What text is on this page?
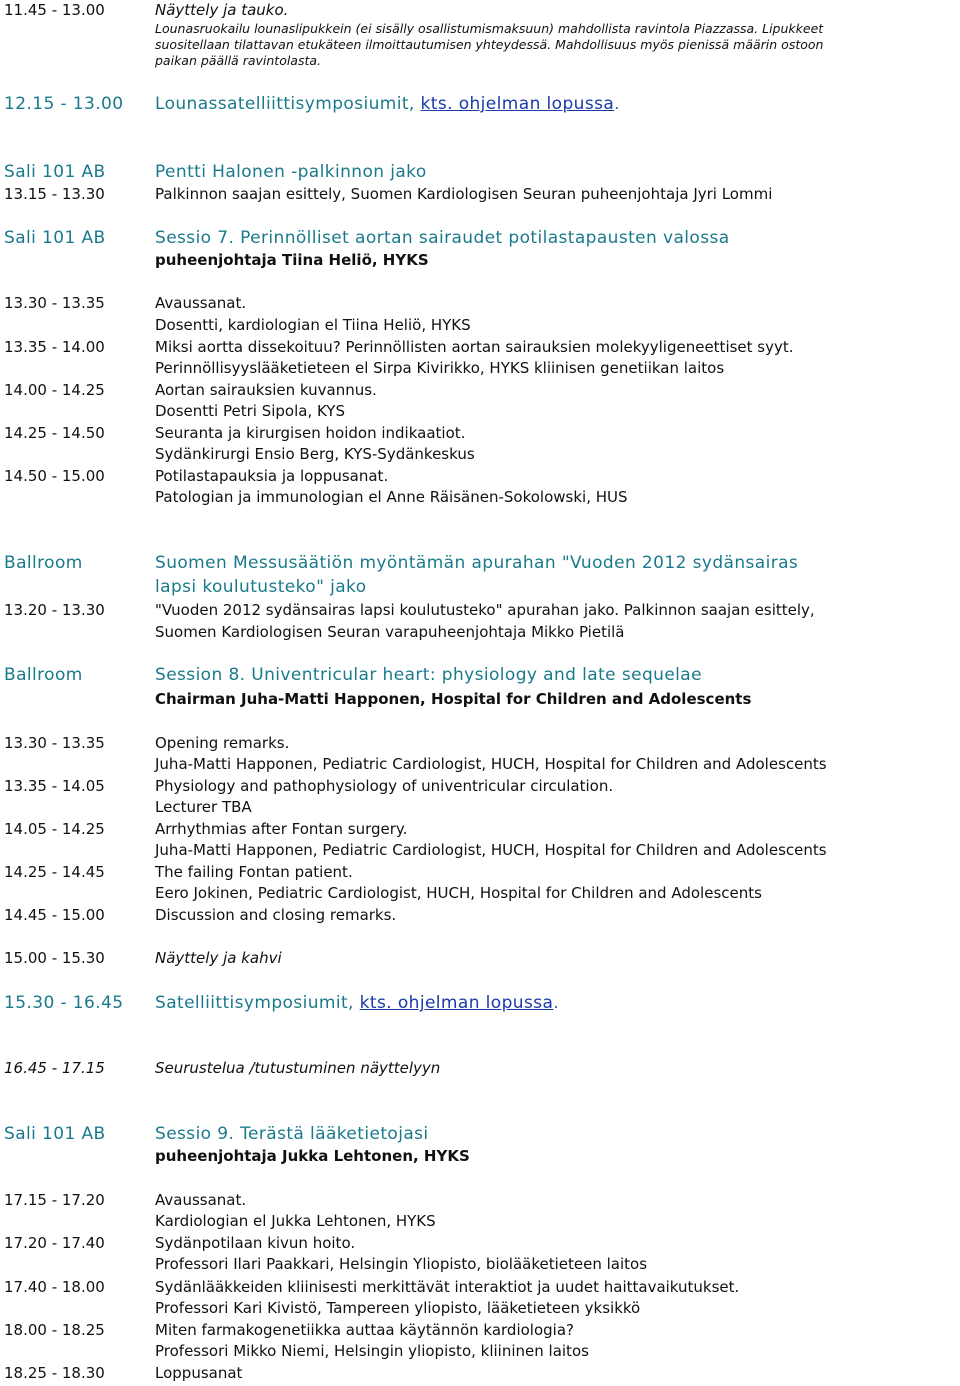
11.45 - 13.00	Näyttely ja tauko.
Lounasruokailu lounaslipukkein (ei sisälly osallistumismaksuun) mahdollista ravintola Piazzassa. Lipukkeet
suositellaan tilattavan etukäteen ilmoittautumisen yhteydessä. Mahdollisuus myös pienissä määrin ostoon
paikan päällä ravintolasta.
12.15 - 13.00 Lounassatelliittisymposiumit, kts. ohjelman lopussa.
Sali 101 AB	Pentti Halonen -palkinnon jako
13.15 - 13.30	Palkinnon saajan esittely, Suomen Kardiologisen Seuran puheenjohtaja Jyri Lommi
Sali 101 AB	Sessio 7. Perinnölliset aortan sairaudet potilastapausten valossa
puheenjohtaja Tiina Heliö, HYKS
13.30 - 13.35	Avaussanat.
Dosentti, kardiologian el Tiina Heliö, HYKS
13.35 - 14.00	Miksi aortta dissekoituu? Perinnöllisten aortan sairauksien molekyyligeneettiset syyt.
Perinnöllisyyslääketieteen el Sirpa Kivirikko, HYKS kliinisen genetiikan laitos
14.00 - 14.25	Aortan sairauksien kuvannus.
Dosentti Petri Sipola, KYS
14.25 - 14.50	Seuranta ja kirurgisen hoidon indikaatiot.
Sydänkirurgi Ensio Berg, KYS-Sydänkeskus
14.50 - 15.00	Potilastapauksia ja loppusanat.
Patologian ja immunologian el Anne Räisänen-Sokolowski, HUS
Ballroom	Suomen Messusäätiön myöntämän apurahan "Vuoden 2012 sydänsairas
lapsi koulutusteko" jako
13.20 - 13.30	"Vuoden 2012 sydänsairas lapsi koulutusteko" apurahan jako. Palkinnon saajan esittely,
Suomen Kardiologisen Seuran varapuheenjohtaja Mikko Pietilä
Ballroom	Session 8. Univentricular heart: physiology and late sequelae
Chairman Juha-Matti Happonen, Hospital for Children and Adolescents
13.30 - 13.35	Opening remarks.
Juha-Matti Happonen, Pediatric Cardiologist, HUCH, Hospital for Children and Adolescents
13.35 - 14.05	Physiology and pathophysiology of univentricular circulation.
Lecturer TBA
14.05 - 14.25	Arrhythmias after Fontan surgery.
Juha-Matti Happonen, Pediatric Cardiologist, HUCH, Hospital for Children and Adolescents
14.25 - 14.45	The failing Fontan patient.
Eero Jokinen, Pediatric Cardiologist, HUCH, Hospital for Children and Adolescents
14.45 - 15.00	Discussion and closing remarks.
15.00 - 15.30	Näyttely ja kahvi
15.30 - 16.45 Satelliittisymposiumit, kts. ohjelman lopussa.
16.45 - 17.15	Seurustelua /tutustuminen näyttelyyn
Sali 101 AB	Sessio 9. Terästä lääketietojasi
puheenjohtaja Jukka Lehtonen, HYKS
17.15 - 17.20	Avaussanat.
Kardiologian el Jukka Lehtonen, HYKS
17.20 - 17.40	Sydänpotilaan kivun hoito.
Professori Ilari Paakkari, Helsingin Yliopisto, biolääketieteen laitos
17.40 - 18.00	Sydänlääkkeiden kliinisesti merkittävät interaktiot ja uudet haittavaikutukset.
Professori Kari Kivistö, Tampereen yliopisto, lääketieteen yksikkö
18.00 - 18.25	Miten farmakogenetiikka auttaa käytännön kardiologia?
Professori Mikko Niemi, Helsingin yliopisto, kliininen laitos
18.25 - 18.30	Loppusanat
